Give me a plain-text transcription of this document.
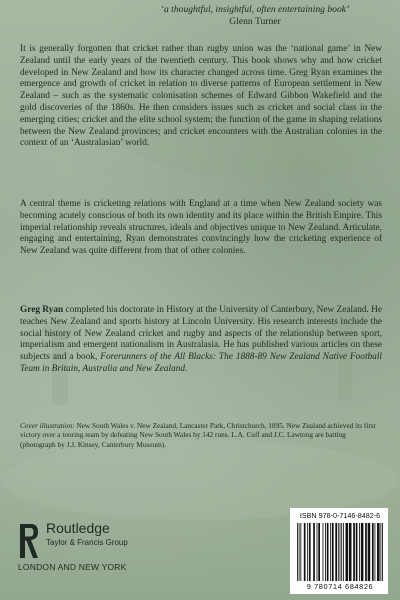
‘a thoughtful, insightful, often entertaining book’
Glenn Turner

It is generally forgotten that cricket rather than rugby union was the ‘national game’ in New Zealand until the early years of the twentieth century. This book shows why and how cricket developed in New Zealand and how its character changed across time. Greg Ryan examines the emergence and growth of cricket in relation to diverse patterns of European settlement in New Zealand – such as the systematic colonisation schemes of Edward Gibbon Wakefield and the gold discoveries of the 1860s. He then considers issues such as cricket and social class in the emerging cities; cricket and the elite school system; the function of the game in shaping relations between the New Zealand provinces; and cricket encounters with the Australian colonies in the context of an ‘Australasian’ world.

A central theme is cricketing relations with England at a time when New Zealand society was becoming acutely conscious of both its own identity and its place within the British Empire. This imperial relationship reveals structures, ideals and objectives unique to New Zealand. Articulate, engaging and entertaining, Ryan demonstrates convincingly how the cricketing experience of New Zealand was quite different from that of other colonies.

Greg Ryan completed his doctorate in History at the University of Canterbury, New Zealand. He teaches New Zealand and sports history at Lincoln University. His research interests include the social history of New Zealand cricket and rugby and aspects of the relationship between sport, imperialism and emergent nationalism in Australasia. He has published various articles on these subjects and a book, Forerunners of the All Blacks: The 1888-89 New Zealand Native Football Team in Britain, Australia and New Zealand.

Cover illustration: New South Wales v. New Zealand, Lancaster Park, Christchurch, 1895. New Zealand achieved its first victory over a touring team by defeating New South Wales by 142 runs. L.A. Cuff and J.C. Lawtong are batting (photograph by J.J. Kinsey, Canterbury Museum).

Routledge
Taylor & Francis Group
LONDON AND NEW YORK
ISBN 978-0-7146-8482-6
9 780714 684826
